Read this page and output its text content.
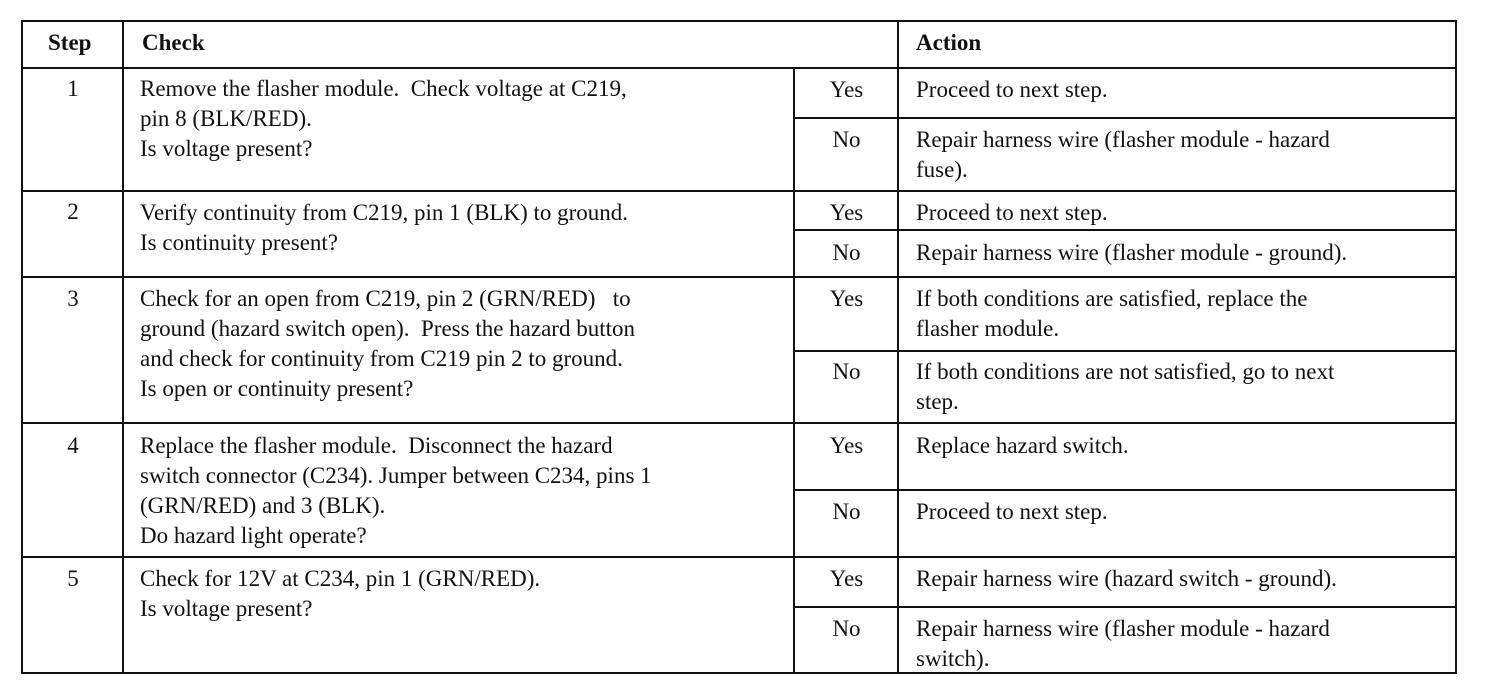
Step Check	Action
1	Remove the flasher module.  Check voltage at C219,
pin 8 (BLK/RED).
Is voltage present?
Yes	Proceed to next step.
No	Repair harness wire (flasher module - hazard
fuse).
2	Verify continuity from C219, pin 1 (BLK) to ground.
Is continuity present?
Yes	Proceed to next step.
No	Repair harness wire (flasher module - ground).
3	Check for an open from C219, pin 2 (GRN/RED)   to
ground (hazard switch open).  Press the hazard button
and check for continuity from C219 pin 2 to ground.
Is open or continuity present?
Yes	If both conditions are satisfied, replace the
flasher module.
No	If both conditions are not satisfied, go to next
step.
4	Replace the flasher module.  Disconnect the hazard
switch connector (C234). Jumper between C234, pins 1
(GRN/RED) and 3 (BLK).
Do hazard light operate?
Yes	Replace hazard switch.
No	Proceed to next step.
5	Check for 12V at C234, pin 1 (GRN/RED).
Is voltage present?
Yes	Repair harness wire (hazard switch - ground).
No	Repair harness wire (flasher module - hazard
switch).
